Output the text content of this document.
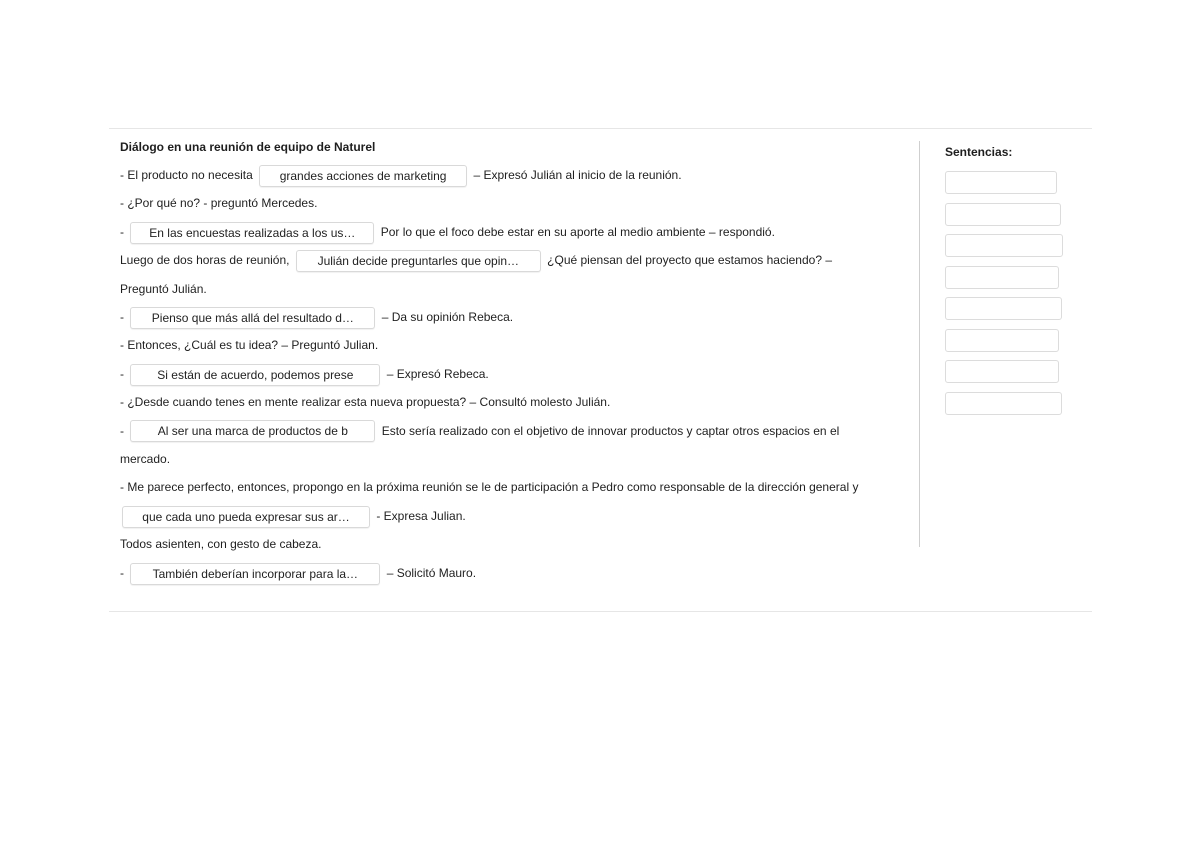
Diálogo en una reunión de equipo de Naturel
- El producto no necesita grandes acciones de marketing – Expresó Julián al inicio de la reunión.
- ¿Por qué no? - preguntó Mercedes.
- En las encuestas realizadas a los us… Por lo que el foco debe estar en su aporte al medio ambiente – respondió.
Luego de dos horas de reunión, Julián decide preguntarles que opin… ¿Qué piensan del proyecto que estamos haciendo? –
Preguntó Julián.
- Pienso que más allá del resultado d… – Da su opinión Rebeca.
- Entonces, ¿Cuál es tu idea? – Preguntó Julian.
-	Si están de acuerdo, podemos prese	– Expresó Rebeca.
- ¿Desde cuando tenes en mente realizar esta nueva propuesta? – Consultó molesto Julián.
-	Al ser una marca de productos de b	Esto sería realizado con el objetivo de innovar productos y captar otros espacios en el
mercado.
- Me parece perfecto, entonces, propongo en la próxima reunión se le de participación a Pedro como responsable de la dirección general y
que cada uno pueda expresar sus ar… - Expresa Julian.
Todos asienten, con gesto de cabeza.
- También deberían incorporar para la… – Solicitó Mauro.
Sentencias:
